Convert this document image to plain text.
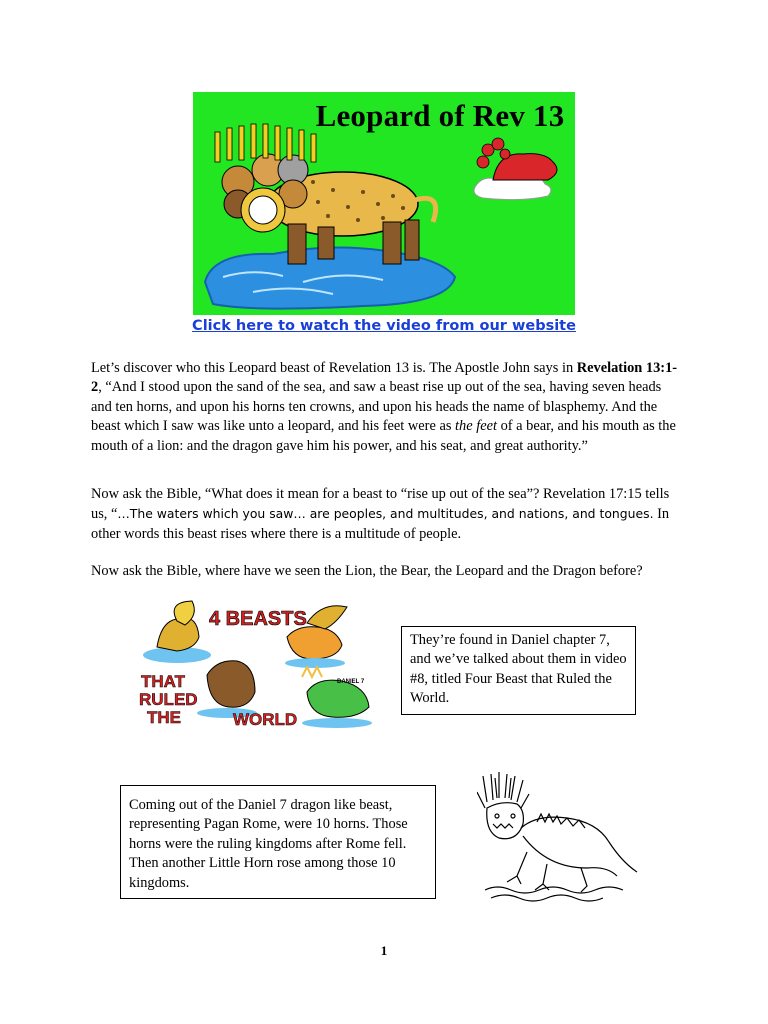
Leopard of Rev 13
Click here to watch the video from our website

Let’s discover who this Leopard beast of Revelation 13 is. The Apostle John says in Revelation 13:1-2, “And I stood upon the sand of the sea, and saw a beast rise up out of the sea, having seven heads and ten horns, and upon his horns ten crowns, and upon his heads the name of blasphemy. And the beast which I saw was like unto a leopard, and his feet were as the feet of a bear, and his mouth as the mouth of a lion: and the dragon gave him his power, and his seat, and great authority.”

Now ask the Bible, “What does it mean for a beast to “rise up out of the sea”? Revelation 17:15 tells us, “…The waters which you saw… are peoples, and multitudes, and nations, and tongues. In other words this beast rises where there is a multitude of people.

Now ask the Bible, where have we seen the Lion, the Bear, the Leopard and the Dragon before?

4 BEASTS
THAT
RULED
THE	WORLD
DANIEL 7
They’re found in Daniel chapter 7, and we’ve talked about them in video #8, titled Four Beast that Ruled the World.
Coming out of the Daniel 7 dragon like beast, representing Pagan Rome, were 10 horns. Those horns were the ruling kingdoms after Rome fell. Then another Little Horn rose among those 10 kingdoms.
1
